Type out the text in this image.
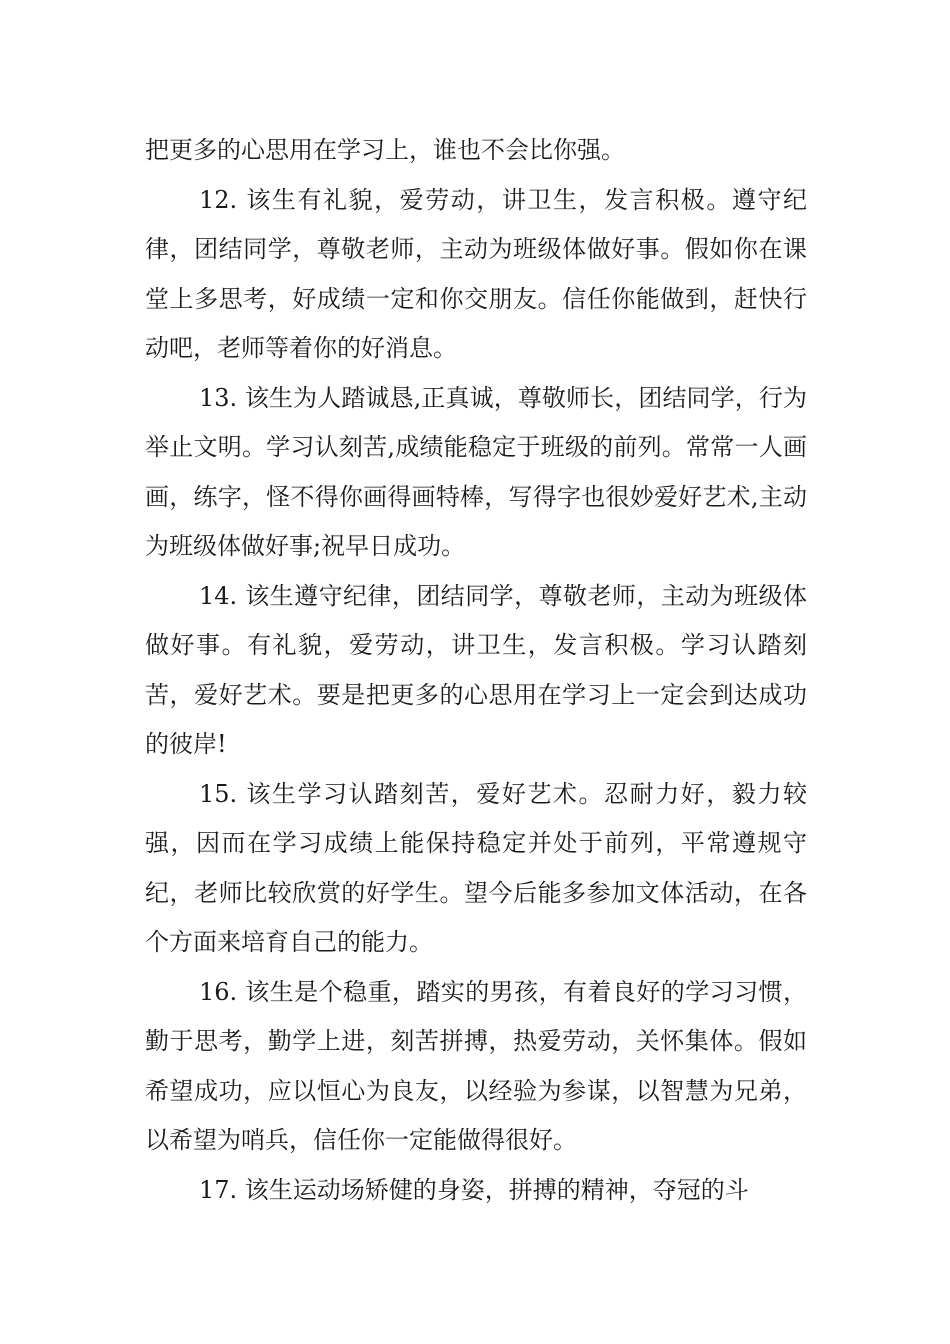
把更多的心思用在学习上，谁也不会比你强。

12. 该生有礼貌，爱劳动，讲卫生，发言积极。遵守纪律，团结同学，尊敬老师，主动为班级体做好事。假如你在课堂上多思考，好成绩一定和你交朋友。信任你能做到，赶快行动吧，老师等着你的好消息。

13. 该生为人踏诚恳,正真诚，尊敬师长，团结同学，行为举止文明。学习认刻苦,成绩能稳定于班级的前列。常常一人画画，练字，怪不得你画得画特棒，写得字也很妙爱好艺术,主动为班级体做好事;祝早日成功。

14. 该生遵守纪律，团结同学，尊敬老师，主动为班级体做好事。有礼貌，爱劳动，讲卫生，发言积极。学习认踏刻苦，爱好艺术。要是把更多的心思用在学习上一定会到达成功的彼岸!

15. 该生学习认踏刻苦，爱好艺术。忍耐力好，毅力较强，因而在学习成绩上能保持稳定并处于前列，平常遵规守纪，老师比较欣赏的好学生。望今后能多参加文体活动，在各个方面来培育自己的能力。

16. 该生是个稳重，踏实的男孩，有着良好的学习习惯，勤于思考，勤学上进，刻苦拼搏，热爱劳动，关怀集体。假如希望成功，应以恒心为良友，以经验为参谋，以智慧为兄弟，以希望为哨兵，信任你一定能做得很好。

17. 该生运动场矫健的身姿，拼搏的精神，夺冠的斗
